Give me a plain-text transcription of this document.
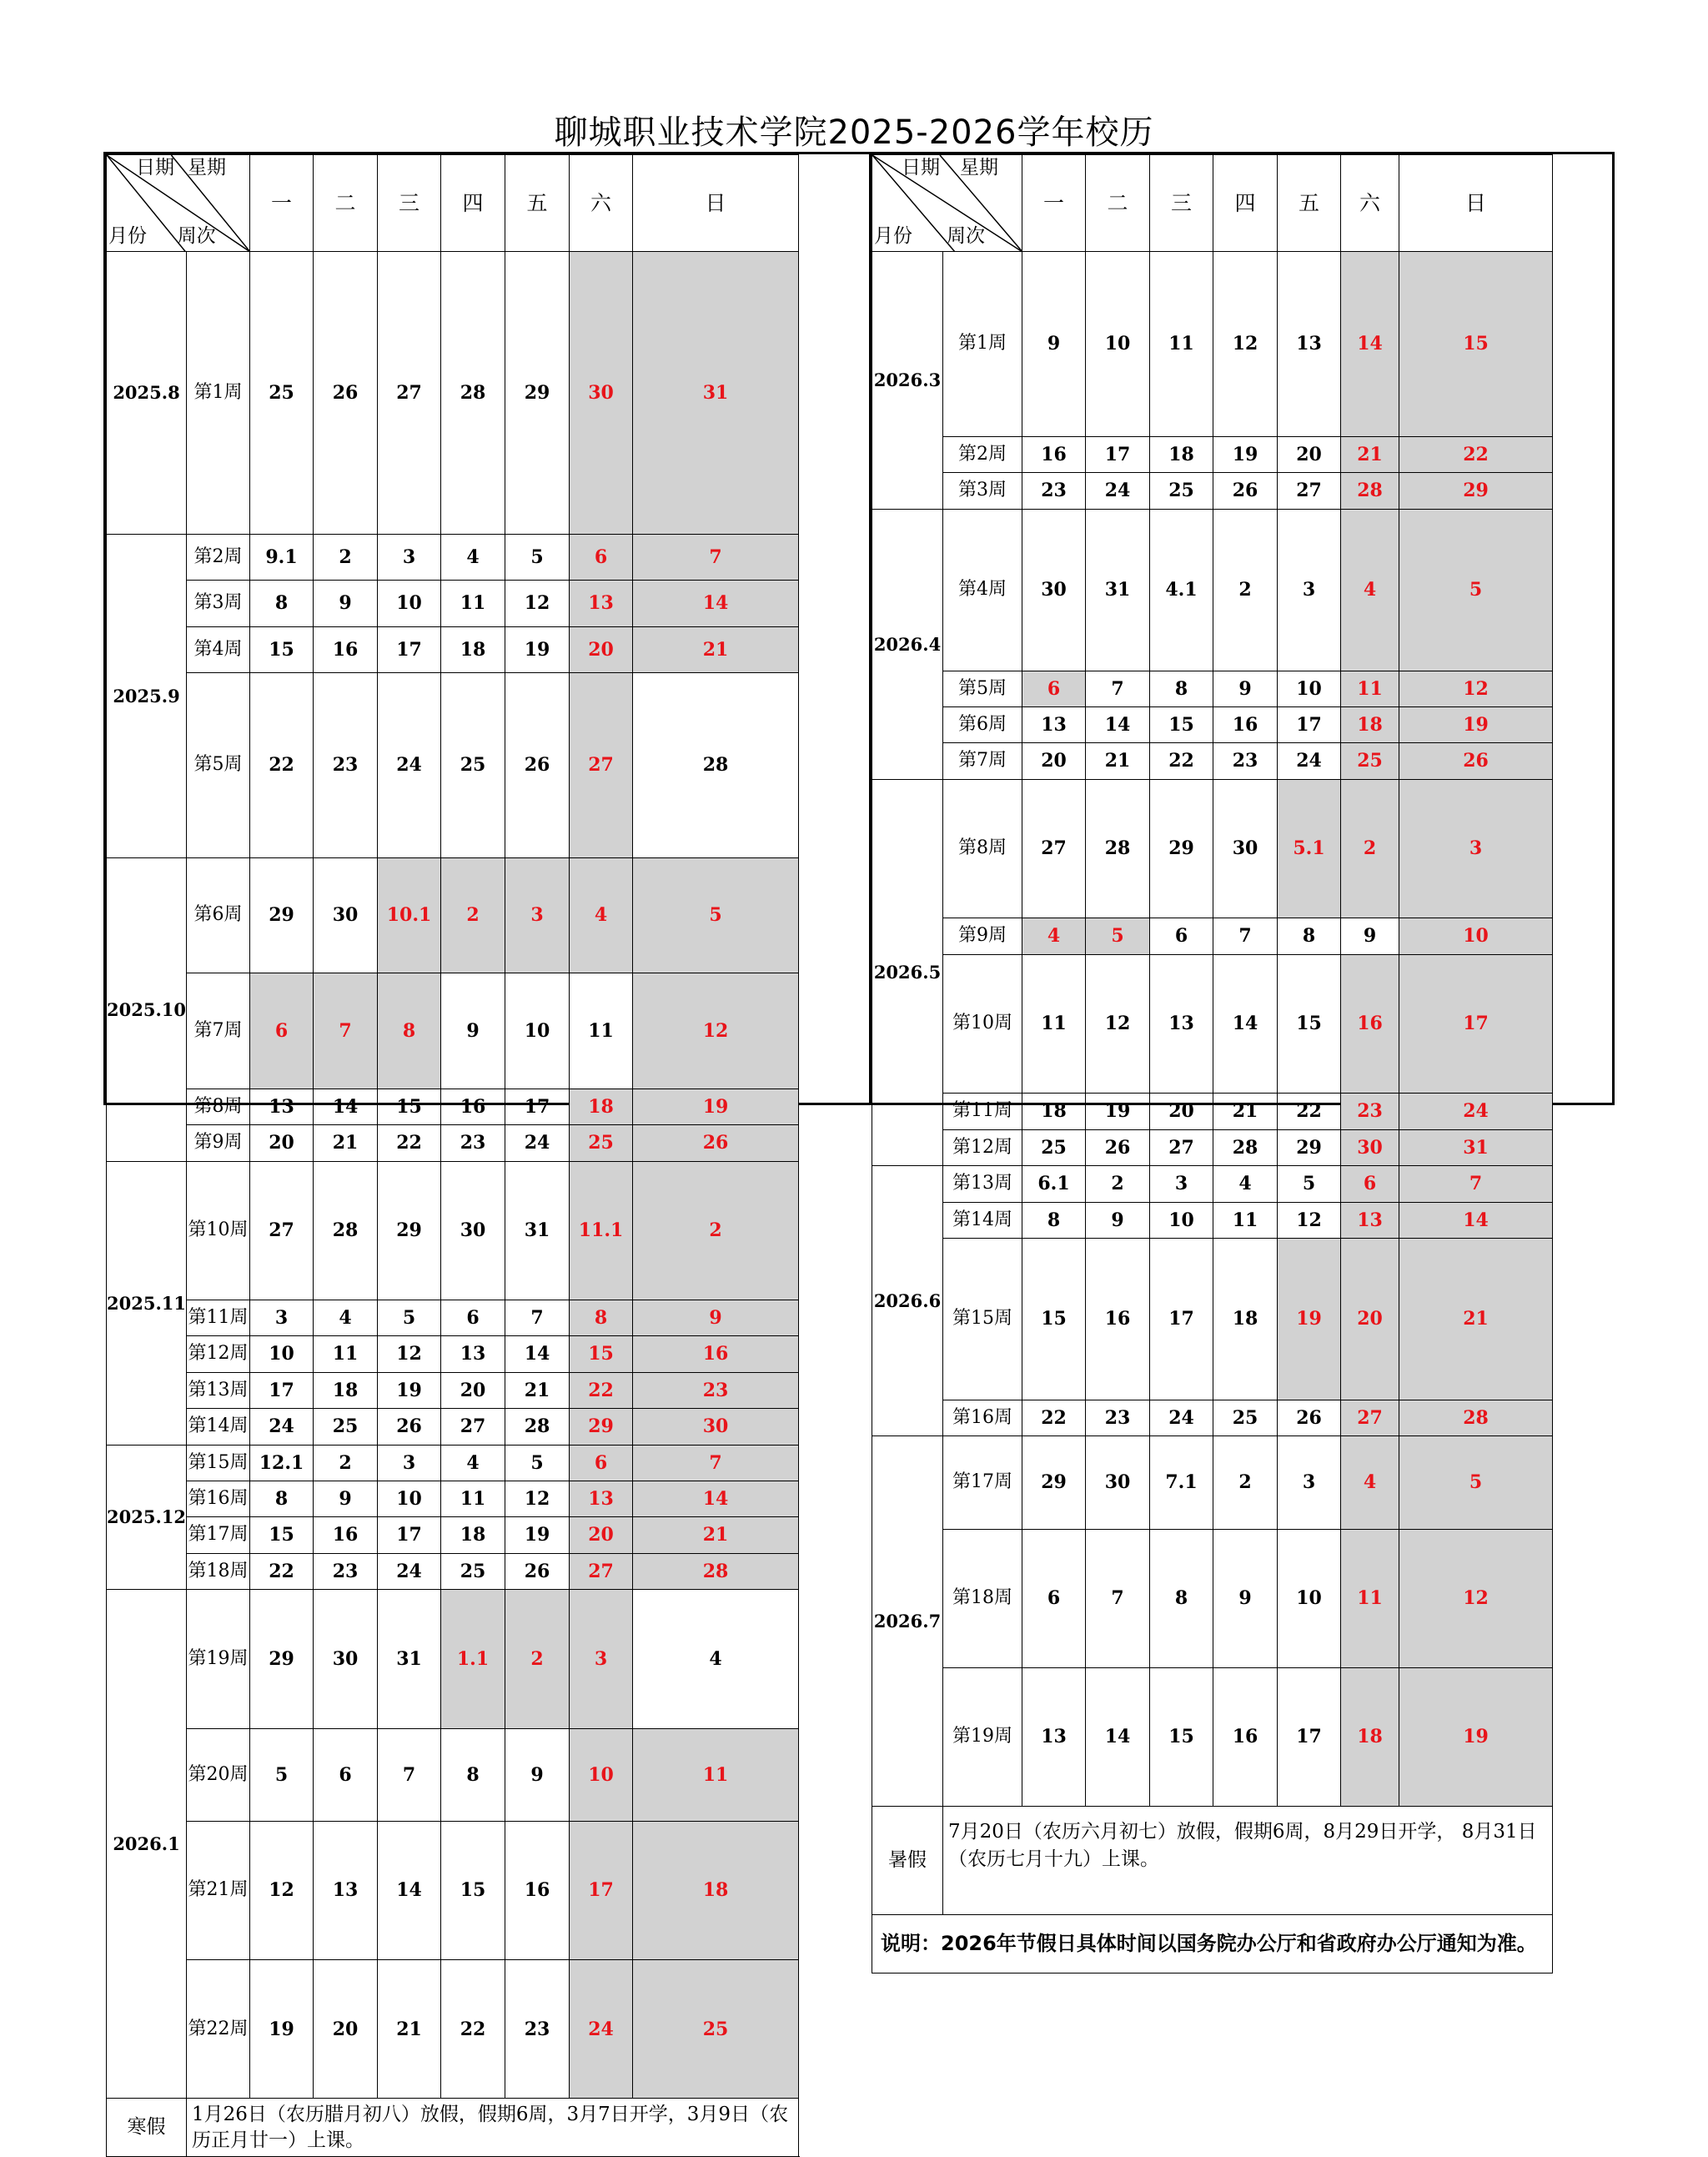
聊城职业技术学院2025-2026学年校历
日期 星期
月份 周次		一	二	三	四	五	六	日	
2025.8	第1周	25	26	27	28	29	30	31	

2025.9	第2周	9.1	2	3	4	5	6	7	
	第3周	8	9	10	11	12	13	14	
	第4周	15	16	17	18	19	20	21	
	第5周	22	23	24	25	26	27	28	
2025.10	第6周	29	30	10.1	2	3	4	5	

	第7周	6	7	8	9	10	11	12	
	第8周	13	14	15	16	17	18	19	
	第9周	20	21	22	23	24	25	26	
2025.11	第10周	27	28	29	30	31	11.1	2	
	第11周	3	4	5	6	7	8	9	
	第12周	10	11	12	13	14	15	16	
	第13周	17	18	19	20	21	22	23	
	第14周	24	25	26	27	28	29	30	
2025.12	第15周	12.1	2	3	4	5	6	7	
	第16周	8	9	10	11	12	13	14	
	第17周	15	16	17	18	19	20	21	
	第18周	22	23	24	25	26	27	28	
2026.1	第19周	29	30	31	1.1	2	3	4	
	第20周	5	6	7	8	9	10	11	
	第21周	12	13	14	15	16	17	18	

	第22周	19	20	21	22	23	24	25	
寒假	1月26日（农历腊月初八）放假，假期6周，3月7日开学，3月9日（农历正月廿一）上课。								
日期 星期
月份 周次		一	二	三	四	五	六	日	
2026.3	第1周	9	10	11	12	13	14	15	
	第2周	16	17	18	19	20	21	22	
	第3周	23	24	25	26	27	28	29	
2026.4	第4周	30	31	4.1	2	3	4	5	
	第5周	6	7	8	9	10	11	12	
	第6周	13	14	15	16	17	18	19	
	第7周	20	21	22	23	24	25	26	
2026.5	第8周	27	28	29	30	5.1	2	3	
	第9周	4	5	6	7	8	9	10	
	第10周	11	12	13	14	15	16	17	
	第11周	18	19	20	21	22	23	24	
	第12周	25	26	27	28	29	30	31	
2026.6	第13周	6.1	2	3	4	5	6	7	
	第14周	8	9	10	11	12	13	14	
	第15周	15	16	17	18	19	20	21	
	第16周	22	23	24	25	26	27	28	
2026.7	第17周	29	30	7.1	2	3	4	5	
	第18周	6	7	8	9	10	11	12	

	第19周	13	14	15	16	17	18	19	
暑假	7月20日（农历六月初七）放假，假期6周，8月29日开学， 8月31日（农历七月十九）上课。								
说明：2026年节假日具体时间以国务院办公厅和省政府办公厅通知为准。									
